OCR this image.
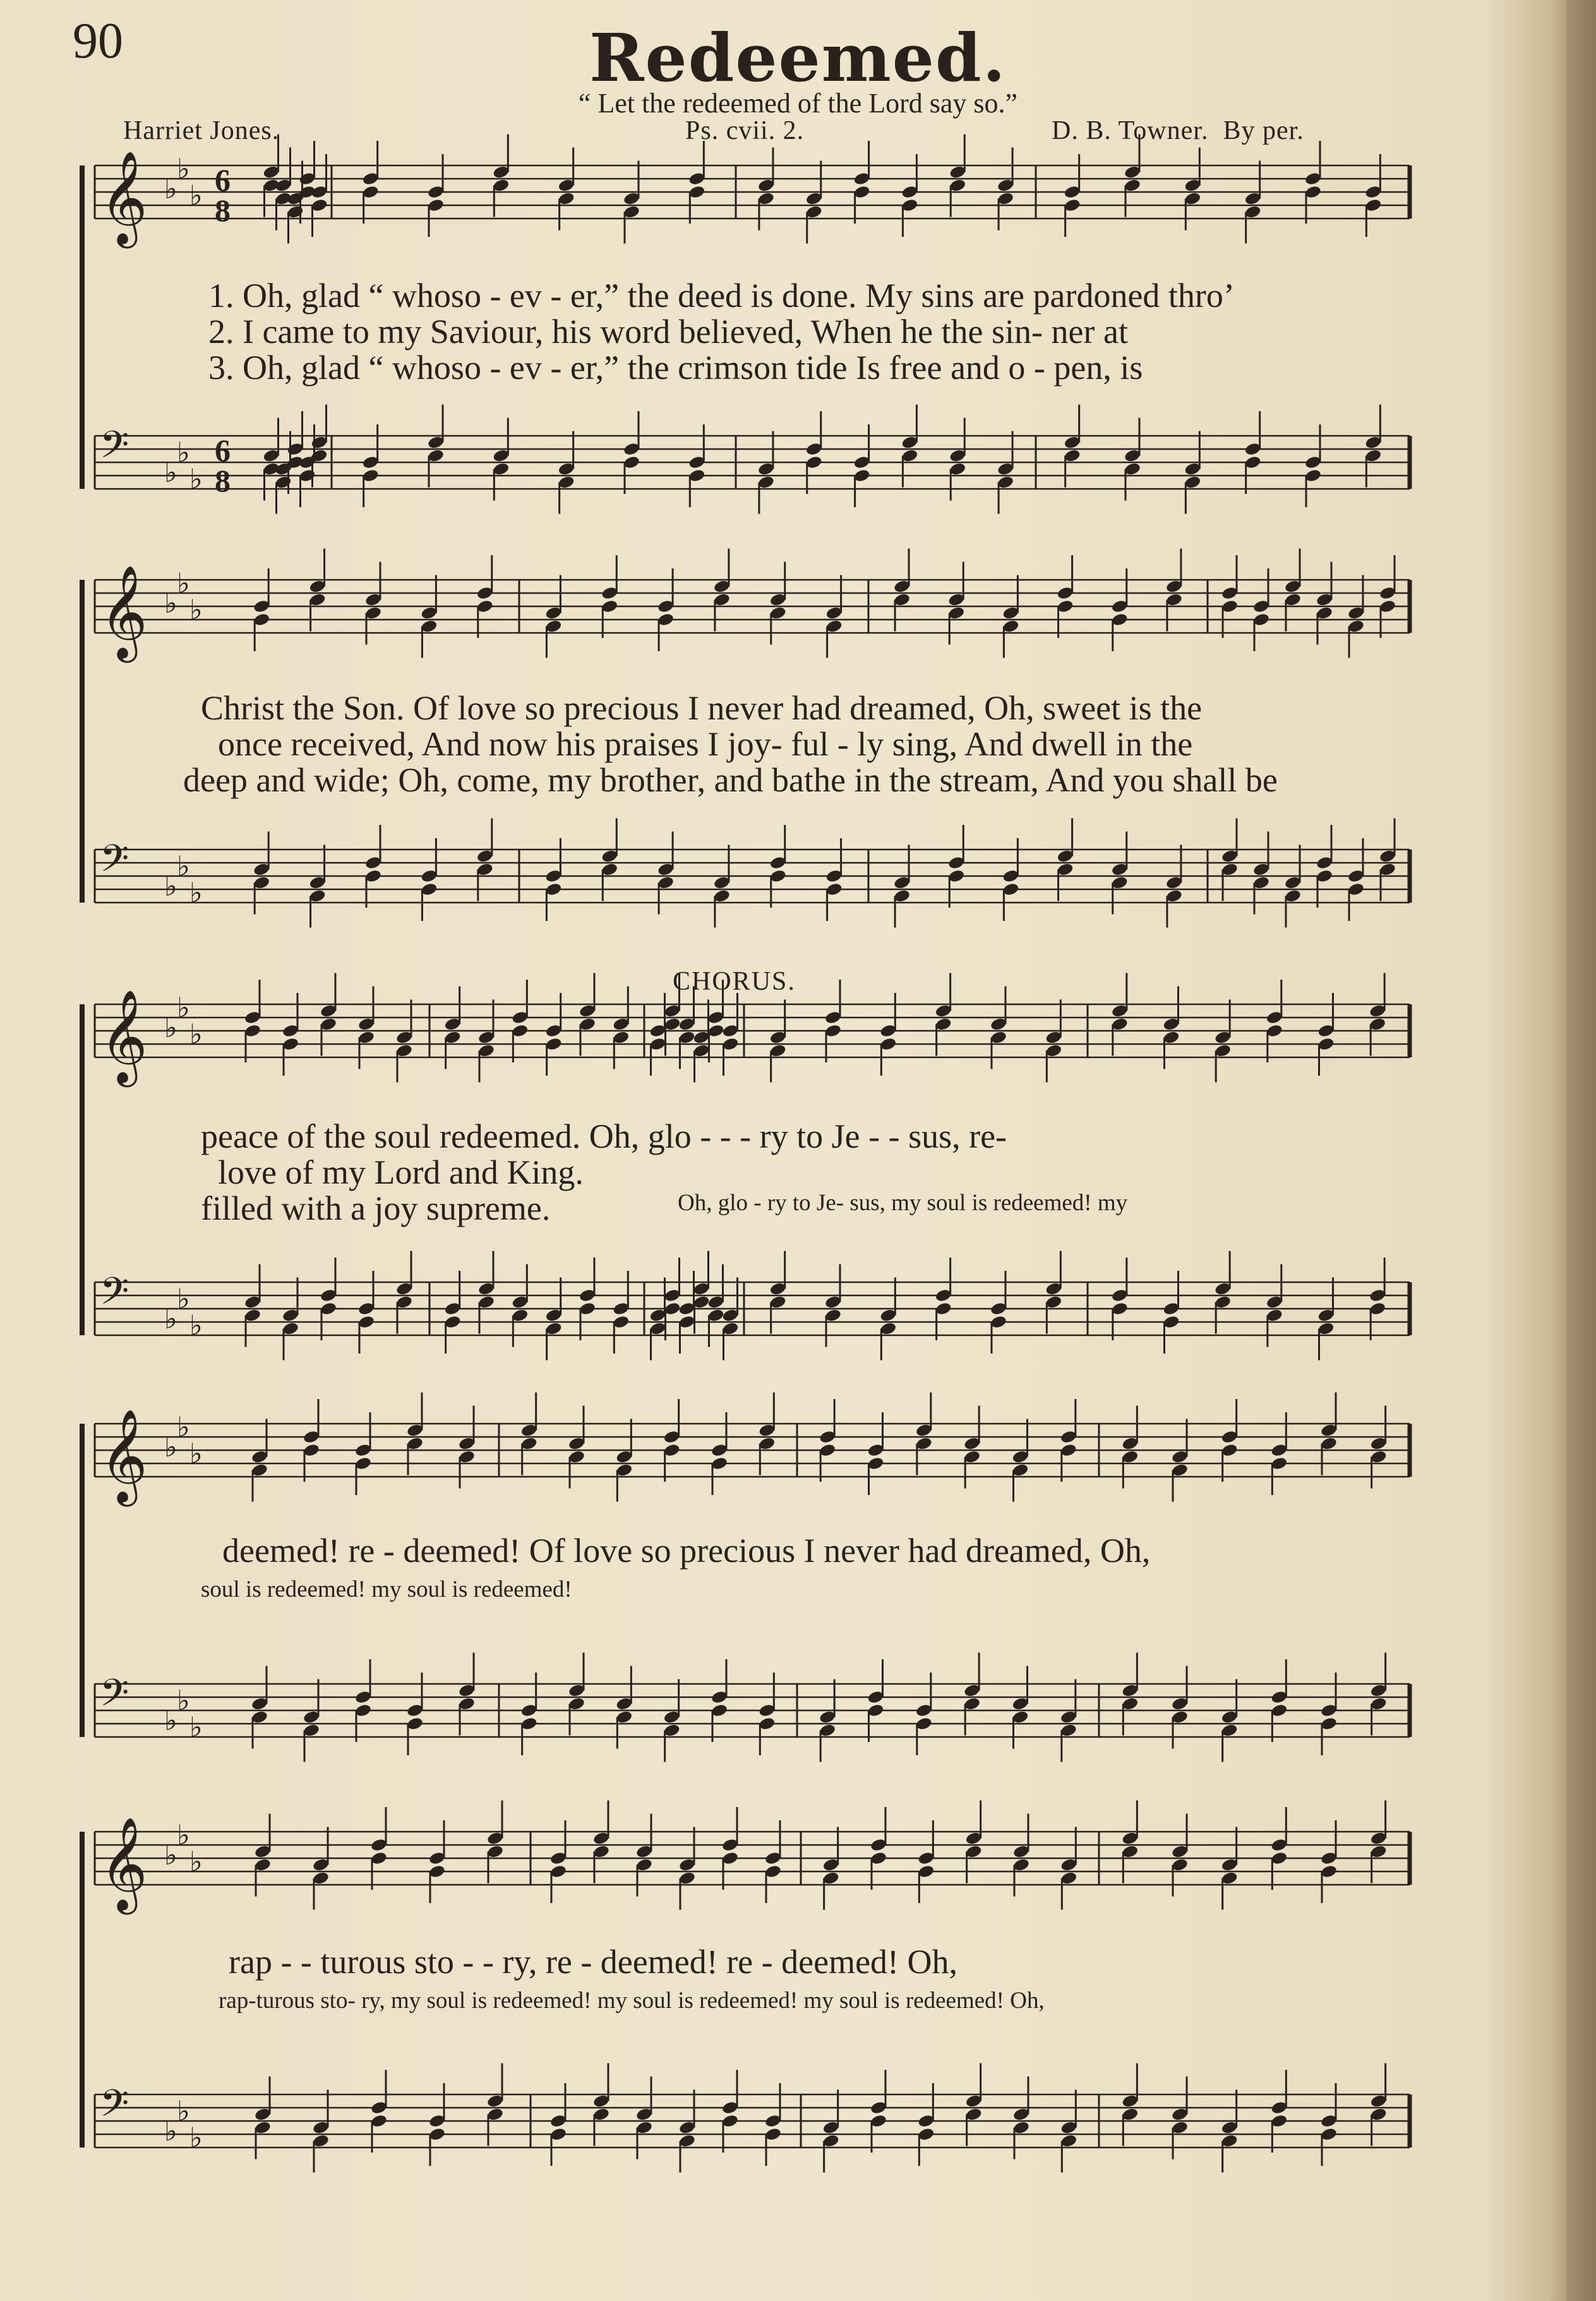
90	Redeemed.
“ Let the redeemed of the Lord say so.”
Harriet Jones.	Ps. cvii. 2.	D. B. Towner. By per.
𝄞 ♭
♭
♭ 6
8
𝄢 ♭
♭
♭
6
8
𝄞 ♭
♭
♭
𝄢 ♭
♭
♭
𝄞 ♭
♭
♭
𝄢 ♭
♭
♭
𝄞 ♭
♭
♭
𝄢 ♭
♭
♭
𝄞 ♭
♭
♭
𝄢 ♭
♭
♭
1. Oh, glad “ whoso - ev - er,” the deed is done. My sins are pardoned thro’
2. I came to my Saviour, his word believed, When he the sin- ner at
3. Oh, glad “ whoso - ev - er,” the crimson tide Is free and o - pen, is
Christ the Son. Of love so precious I never had dreamed, Oh, sweet is the
once received, And now his praises I joy- ful - ly sing, And dwell in the
deep and wide; Oh, come, my brother, and bathe in the stream, And you shall be
CHORUS.
peace of the soul redeemed. Oh, glo - - - ry to Je - - sus, re-
love of my Lord and King.
filled with a joy supreme.	Oh, glo - ry to Je- sus, my soul is redeemed! my
deemed! re - deemed! Of love so precious I never had dreamed, Oh,
soul is redeemed! my soul is redeemed!
rap - - turous sto - - ry, re - deemed! re - deemed! Oh,
rap-turous sto- ry, my soul is redeemed! my soul is redeemed! my soul is redeemed! Oh,
